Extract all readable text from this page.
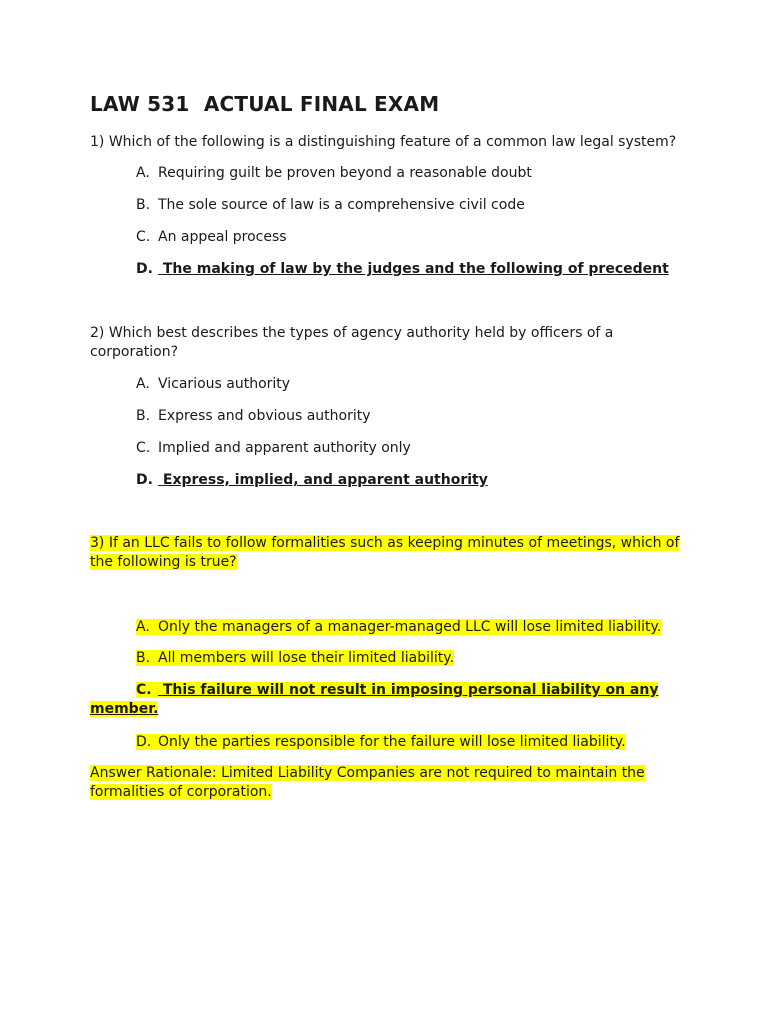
LAW 531  ACTUAL FINAL EXAM

1) Which of the following is a distinguishing feature of a common law legal system?

A. Requiring guilt be proven beyond a reasonable doubt

B. The sole source of law is a comprehensive civil code

C. An appeal process

D. The making of law by the judges and the following of precedent

2) Which best describes the types of agency authority held by officers of a corporation?

A. Vicarious authority

B. Express and obvious authority

C. Implied and apparent authority only

D. Express, implied, and apparent authority

3) If an LLC fails to follow formalities such as keeping minutes of meetings, which of the following is true?

A. Only the managers of a manager-managed LLC will lose limited liability.

B. All members will lose their limited liability.

C. This failure will not result in imposing personal liability on any

member.

D. Only the parties responsible for the failure will lose limited liability.

Answer Rationale: Limited Liability Companies are not required to maintain the formalities of corporation.
